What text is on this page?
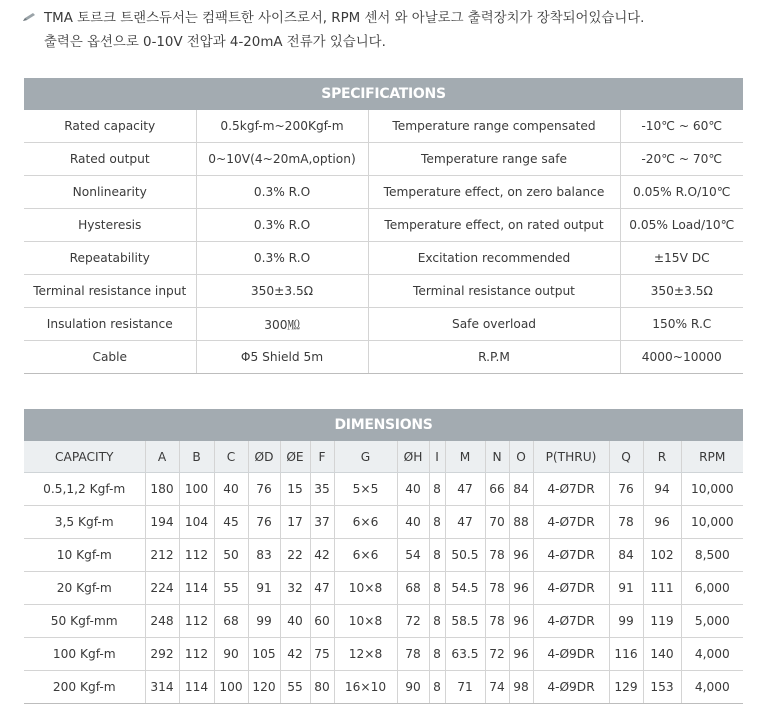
TMA 토르크 트랜스듀서는 컴팩트한 사이즈로서, RPM 센서 와 아날로그 출력장치가 장착되어있습니다.
출력은 옵션으로 0-10V 전압과 4-20mA 전류가 있습니다.
SPECIFICATIONS			
Rated capacity	0.5kgf-m~200Kgf-m	Temperature range compensated	-10℃ ~ 60℃
Rated output	0~10V(4~20mA,option)	Temperature range safe	-20℃ ~ 70℃
Nonlinearity	0.3% R.O	Temperature effect, on zero balance	0.05% R.O/10℃
Hysteresis	0.3% R.O	Temperature effect, on rated output	0.05% Load/10℃
Repeatability	0.3% R.O	Excitation recommended	±15V DC
Terminal resistance input	350±3.5Ω	Terminal resistance output	350±3.5Ω
Insulation resistance	300㏁	Safe overload	150% R.C
Cable	Φ5 Shield 5m	R.P.M	4000~10000
DIMENSIONS																
CAPACITY	A	B	C	ØD	ØE	F	G	ØH	I	M	N	O	P(THRU)	Q	R	RPM
0.5,1,2 Kgf-m	180	100	40	76	15	35	5×5	40	8	47	66	84	4-Ø7DR	76	94	10,000
3,5 Kgf-m	194	104	45	76	17	37	6×6	40	8	47	70	88	4-Ø7DR	78	96	10,000
10 Kgf-m	212	112	50	83	22	42	6×6	54	8	50.5	78	96	4-Ø7DR	84	102	8,500
20 Kgf-m	224	114	55	91	32	47	10×8	68	8	54.5	78	96	4-Ø7DR	91	111	6,000
50 Kgf-mm	248	112	68	99	40	60	10×8	72	8	58.5	78	96	4-Ø7DR	99	119	5,000
100 Kgf-m	292	112	90	105	42	75	12×8	78	8	63.5	72	96	4-Ø9DR	116	140	4,000
200 Kgf-m	314	114	100	120	55	80	16×10	90	8	71	74	98	4-Ø9DR	129	153	4,000
